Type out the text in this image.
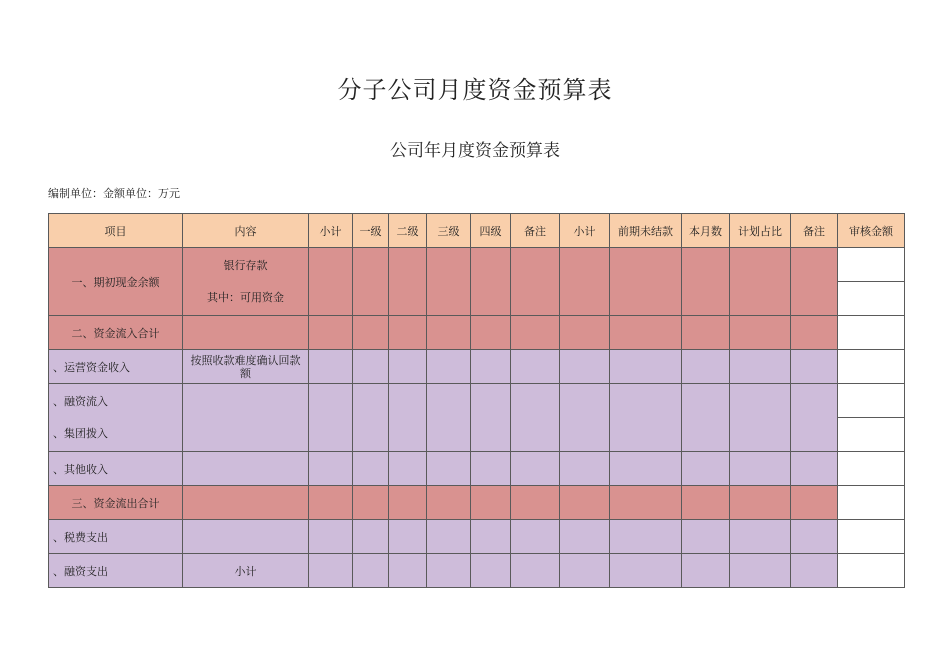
分子公司月度资金预算表
公司年月度资金预算表
编制单位：金额单位：万元
项目	内容	小计	一级	二级	三级	四级	备注	小计	前期未结款	本月数	计划占比	备注	审核金额
一、期初现金余额	银行存款
其中：可用资金												

二、资金流入合计													
、运营资金收入	按照收款难度确认回款额												

、融资流入
、集团拨入													

、其他收入													
三、资金流出合计													
、税费支出													
、融资支出	小计												
